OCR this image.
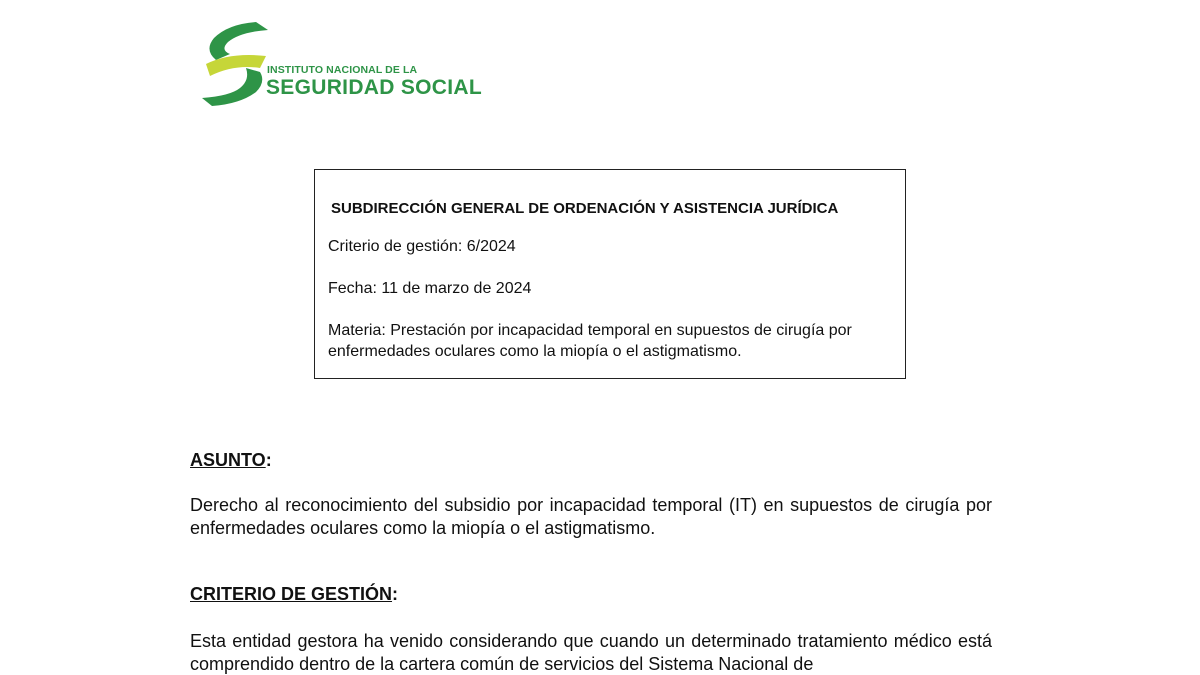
INSTITUTO NACIONAL DE LA
SEGURIDAD SOCIAL
SUBDIRECCIÓN GENERAL DE ORDENACIÓN Y ASISTENCIA JURÍDICA
Criterio de gestión: 6/2024
Fecha: 11 de marzo de 2024
Materia: Prestación por incapacidad temporal en supuestos de cirugía por enfermedades oculares como la miopía o el astigmatismo.
ASUNTO:
Derecho al reconocimiento del subsidio por incapacidad temporal (IT) en supuestos de cirugía por enfermedades oculares como la miopía o el astigmatismo.
CRITERIO DE GESTIÓN:
Esta entidad gestora ha venido considerando que cuando un determinado tratamiento médico está comprendido dentro de la cartera común de servicios del Sistema Nacional de
